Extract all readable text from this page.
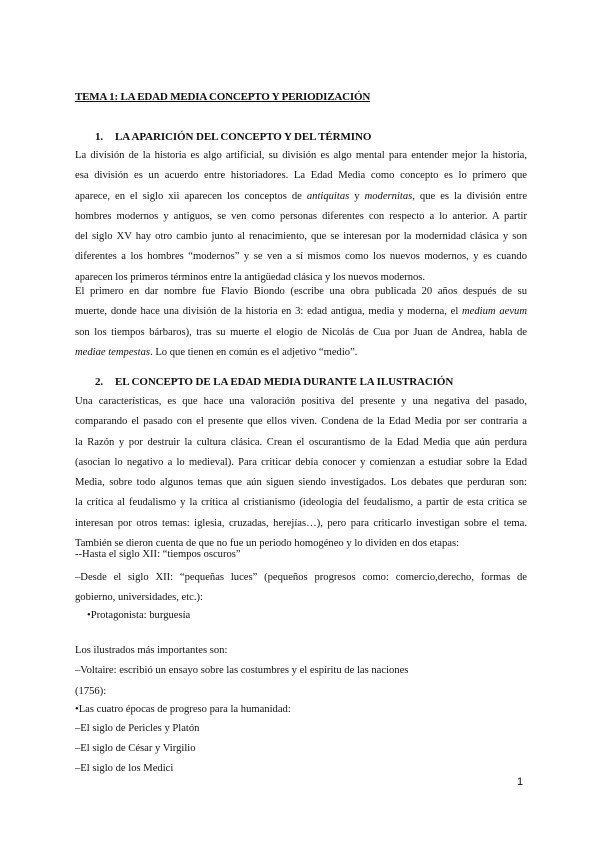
TEMA 1: LA EDAD MEDIA CONCEPTO Y PERIODIZACIÓN
1. LA APARICIÓN DEL CONCEPTO Y DEL TÉRMINO
La división de la historia es algo artificial, su división es algo mental para entender mejor la historia,
esa división es un acuerdo entre historiadores. La Edad Media como concepto es lo primero que
aparece, en el siglo xii aparecen los conceptos de antiquitas y modernitas, que es la división entre
hombres modernos y antiguos, se ven como personas diferentes con respecto a lo anterior. A partir
del siglo XV hay otro cambio junto al renacimiento, que se interesan por la modernidad clásica y son
diferentes a los hombres “modernos” y se ven a sí mismos como los nuevos modernos, y es cuando
aparecen los primeros términos entre la antigüedad clásica y los nuevos modernos.
El primero en dar nombre fue Flavio Biondo (escribe una obra publicada 20 años después de su
muerte, donde hace una división de la historia en 3: edad antigua, media y moderna, el medium aevum
son los tiempos bárbaros), tras su muerte el elogio de Nicolás de Cua por Juan de Andrea, habla de
mediae tempestas. Lo que tienen en común es el adjetivo “medio”.
2. EL CONCEPTO DE LA EDAD MEDIA DURANTE LA ILUSTRACIÓN
Una características, es que hace una valoración positiva del presente y una negativa del pasado,
comparando el pasado con el presente que ellos viven. Condena de la Edad Media por ser contraria a
la Razón y por destruir la cultura clásica. Crean el oscurantismo de la Edad Media que aún perdura
(asocian lo negativo a lo medieval). Para criticar debía conocer y comienzan a estudiar sobre la Edad
Media, sobre todo algunos temas que aún siguen siendo investigados. Los debates que perduran son:
la crítica al feudalismo y la crítica al cristianismo (ideología del feudalismo, a partir de esta crítica se
interesan por otros temas: iglesia, cruzadas, herejías…), pero para criticarlo investigan sobre el tema.
También se dieron cuenta de que no fue un periodo homogéneo y lo dividen en dos etapas:
--Hasta el siglo XII: “tiempos oscuros”
–Desde el siglo XII: “pequeñas luces” (pequeños progresos como: comercio,derecho, formas de
gobierno, universidades, etc.):
•Protagonista: burguesía
Los ilustrados más importantes son:
–Voltaire: escribió un ensayo sobre las costumbres y el espíritu de las naciones
(1756):
•Las cuatro épocas de progreso para la humanidad:
–El siglo de Pericles y Platón
–El siglo de César y Virgilio
–El siglo de los Medici
1
